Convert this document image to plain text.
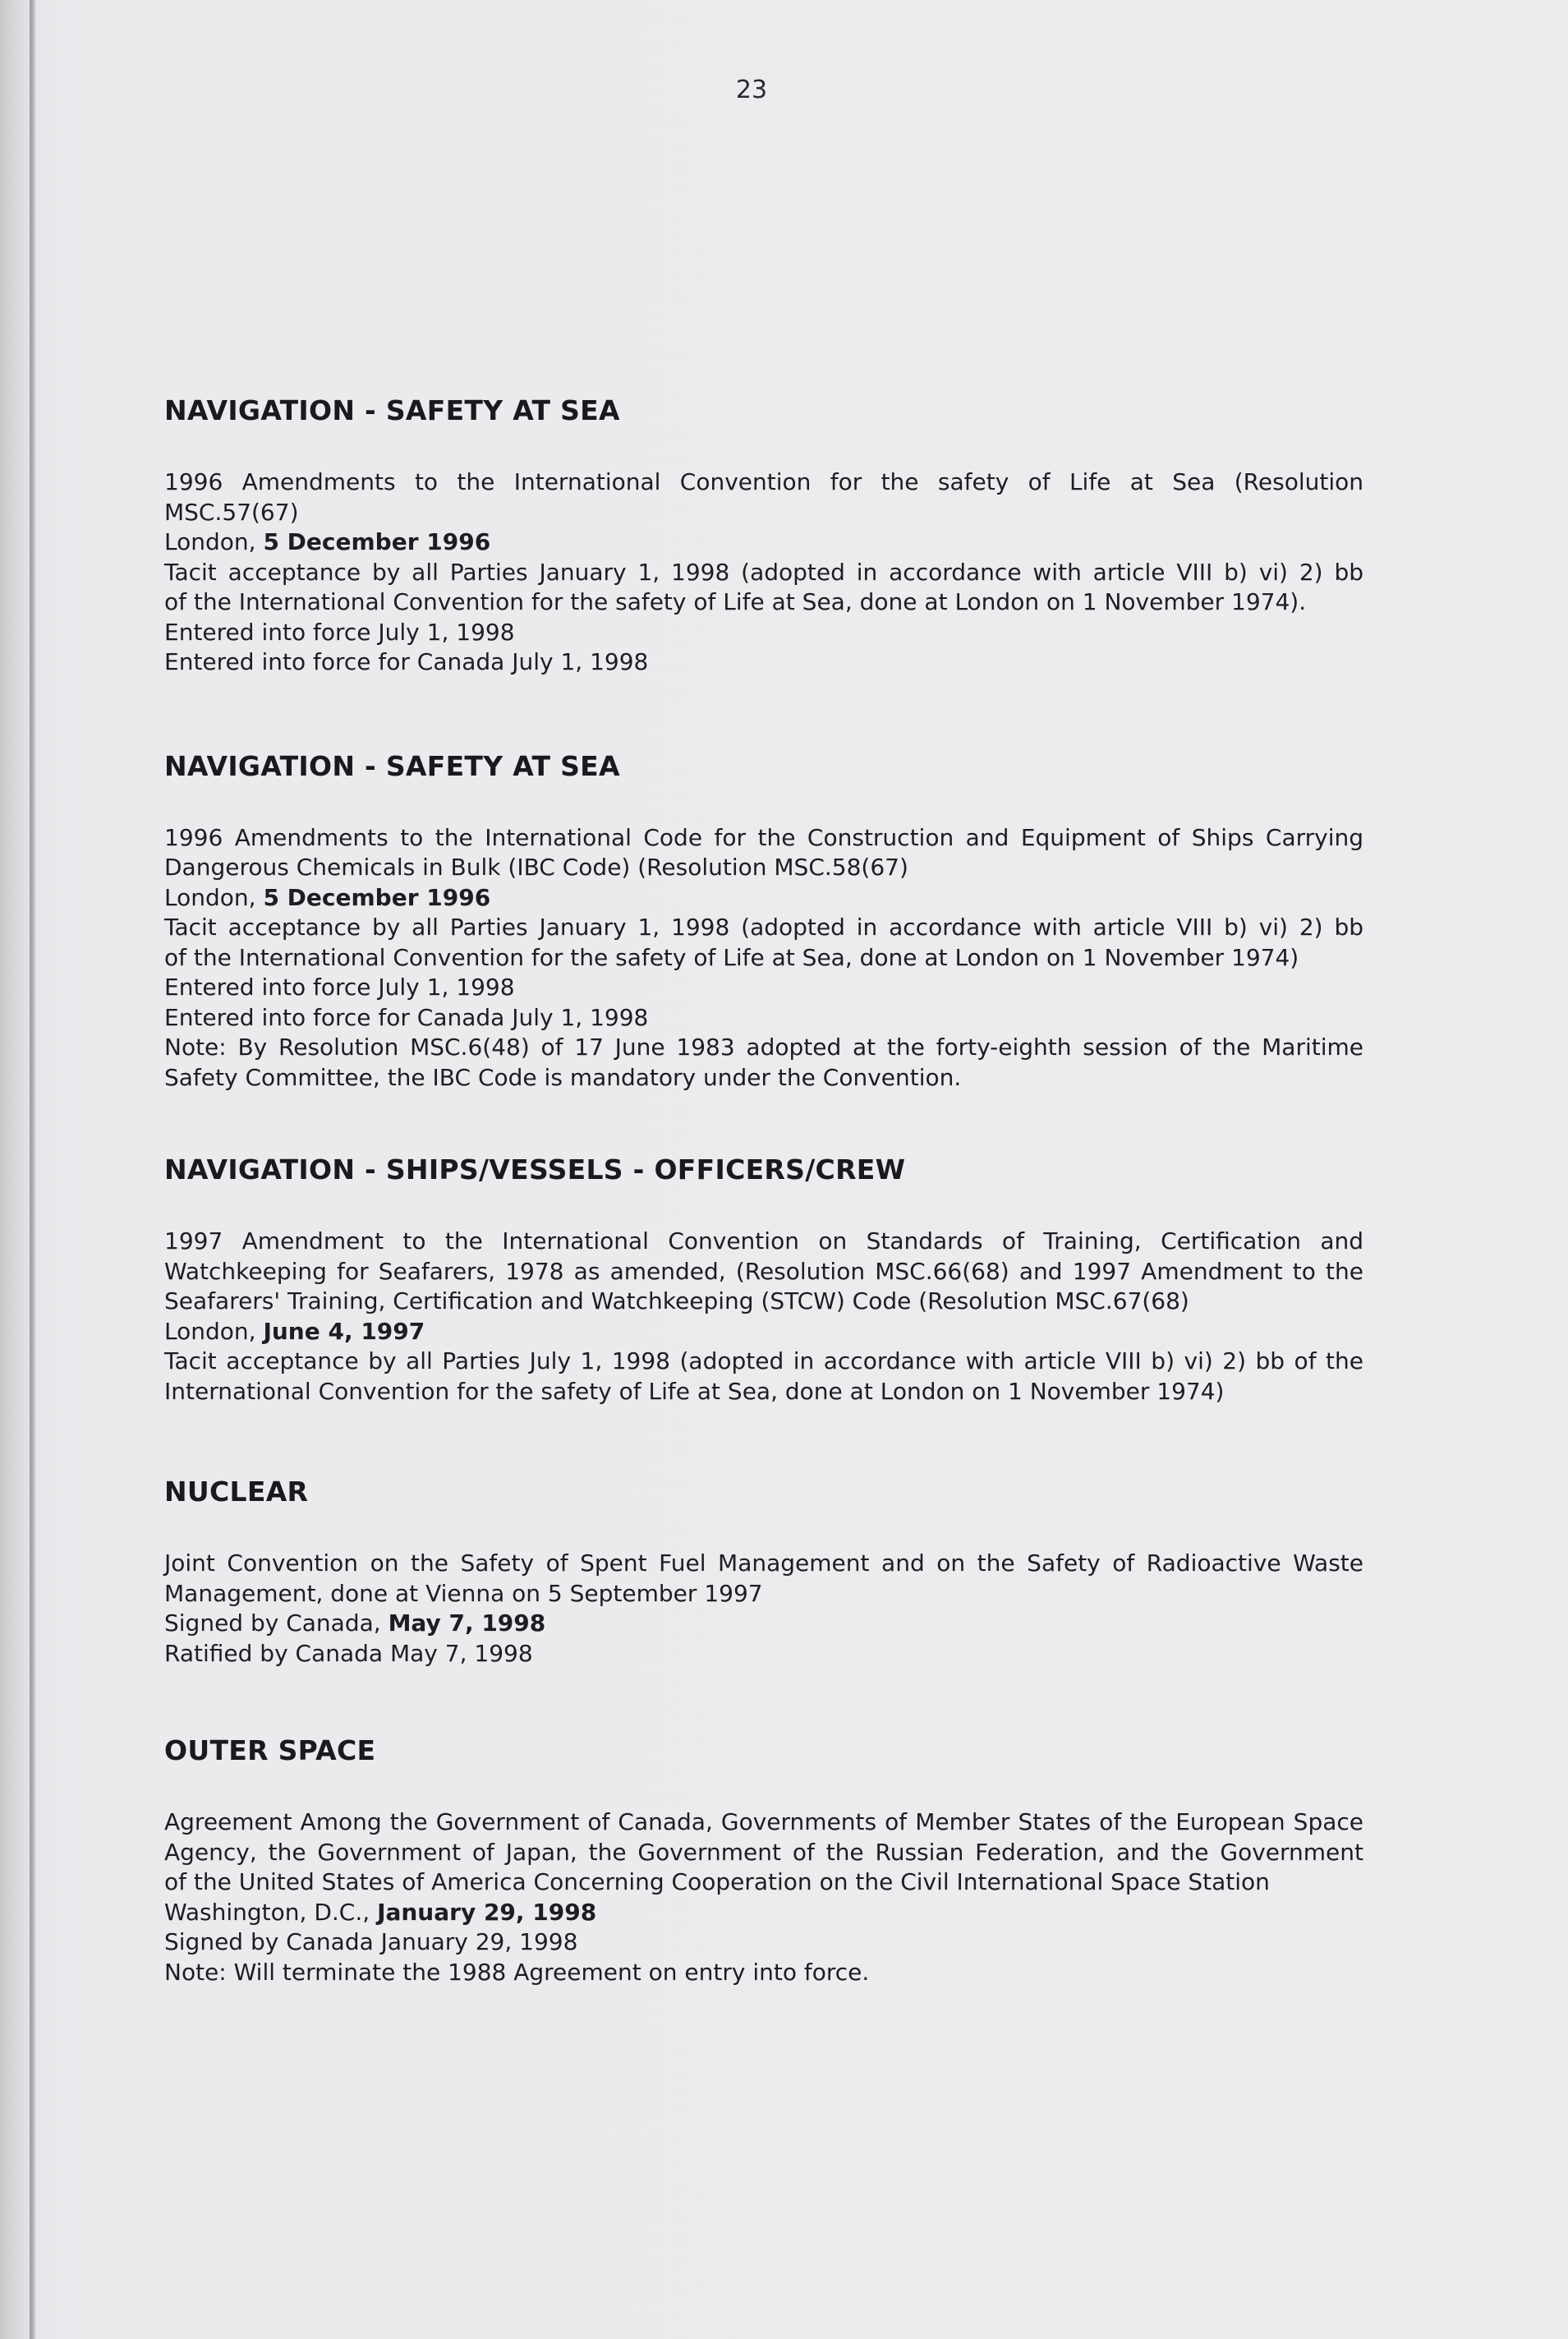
23
NAVIGATION - SAFETY AT SEA
1996 Amendments to the International Convention for the safety of Life at Sea (Resolution
MSC.57(67)
London, 5 December 1996
Tacit acceptance by all Parties January 1, 1998 (adopted in accordance with article VIII b) vi) 2) bb
of the International Convention for the safety of Life at Sea, done at London on 1 November 1974).
Entered into force July 1, 1998
Entered into force for Canada July 1, 1998
NAVIGATION - SAFETY AT SEA
1996 Amendments to the International Code for the Construction and Equipment of Ships Carrying
Dangerous Chemicals in Bulk (IBC Code) (Resolution MSC.58(67)
London, 5 December 1996
Tacit acceptance by all Parties January 1, 1998 (adopted in accordance with article VIII b) vi) 2) bb
of the International Convention for the safety of Life at Sea, done at London on 1 November 1974)
Entered into force July 1, 1998
Entered into force for Canada July 1, 1998
Note: By Resolution MSC.6(48) of 17 June 1983 adopted at the forty-eighth session of the Maritime
Safety Committee, the IBC Code is mandatory under the Convention.
NAVIGATION - SHIPS/VESSELS - OFFICERS/CREW
1997 Amendment to the International Convention on Standards of Training, Certification and
Watchkeeping for Seafarers, 1978 as amended, (Resolution MSC.66(68) and 1997 Amendment to the
Seafarers' Training, Certification and Watchkeeping (STCW) Code (Resolution MSC.67(68)
London, June 4, 1997
Tacit acceptance by all Parties July 1, 1998 (adopted in accordance with article VIII b) vi) 2) bb of the
International Convention for the safety of Life at Sea, done at London on 1 November 1974)
NUCLEAR
Joint Convention on the Safety of Spent Fuel Management and on the Safety of Radioactive Waste
Management, done at Vienna on 5 September 1997
Signed by Canada, May 7, 1998
Ratified by Canada May 7, 1998
OUTER SPACE
Agreement Among the Government of Canada, Governments of Member States of the European Space
Agency, the Government of Japan, the Government of the Russian Federation, and the Government
of the United States of America Concerning Cooperation on the Civil International Space Station
Washington, D.C., January 29, 1998
Signed by Canada January 29, 1998
Note: Will terminate the 1988 Agreement on entry into force.
